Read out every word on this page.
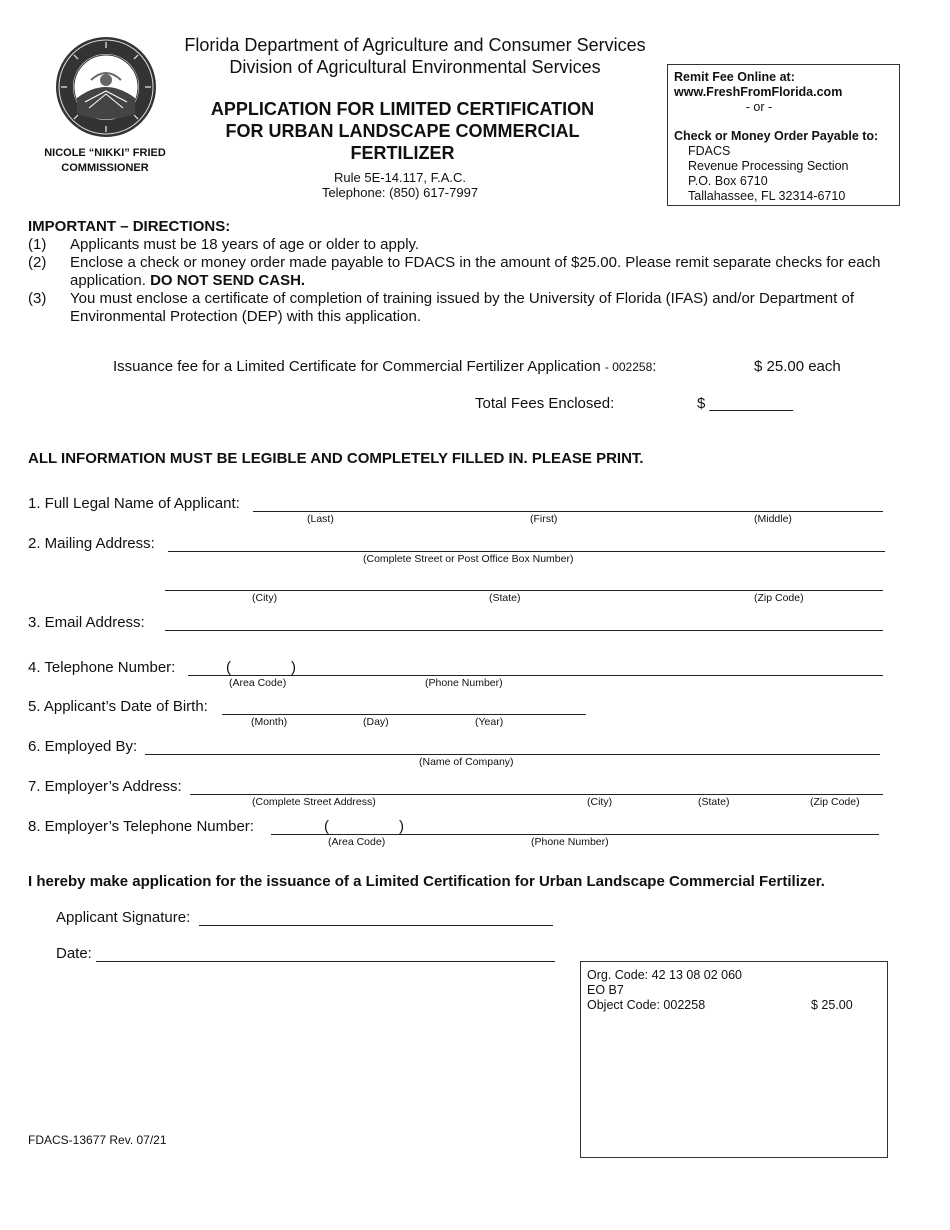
NICOLE “NIKKI” FRIED
COMMISSIONER
Florida Department of Agriculture and Consumer Services
Division of Agricultural Environmental Services
APPLICATION FOR LIMITED CERTIFICATION
FOR URBAN LANDSCAPE COMMERCIAL
FERTILIZER
Rule 5E-14.117, F.A.C.
Telephone: (850) 617-7997
Remit Fee Online at:
www.FreshFromFlorida.com
- or -
Check or Money Order Payable to:
FDACS
Revenue Processing Section
P.O. Box 6710
Tallahassee, FL 32314-6710
IMPORTANT – DIRECTIONS:
(1)	Applicants must be 18 years of age or older to apply.
(2)	Enclose a check or money order made payable to FDACS in the amount of $25.00. Please remit separate checks for each application. DO NOT SEND CASH.
(3)	You must enclose a certificate of completion of training issued by the University of Florida (IFAS) and/or Department of Environmental Protection (DEP) with this application.
Issuance fee for a Limited Certificate for Commercial Fertilizer Application - 002258:	$ 25.00 each
Total Fees Enclosed:	$ __________
ALL INFORMATION MUST BE LEGIBLE AND COMPLETELY FILLED IN. PLEASE PRINT.
1. Full Legal Name of Applicant:
(Last)	(First)	(Middle)
2. Mailing Address:
(Complete Street or Post Office Box Number)
(City)	(State)	(Zip Code)
3. Email Address:
4. Telephone Number:	(	)
(Area Code)	(Phone Number)
5. Applicant’s Date of Birth:
(Month)	(Day)	(Year)
6. Employed By:
(Name of Company)
7. Employer’s Address:
(Complete Street Address)	(City)	(State)	(Zip Code)
8. Employer’s Telephone Number:	(	)
(Area Code)	(Phone Number)
I hereby make application for the issuance of a Limited Certification for Urban Landscape Commercial Fertilizer.
Applicant Signature:
Date:
Org. Code: 42 13 08 02 060
EO B7
Object Code: 002258	$ 25.00
FDACS-13677 Rev. 07/21
